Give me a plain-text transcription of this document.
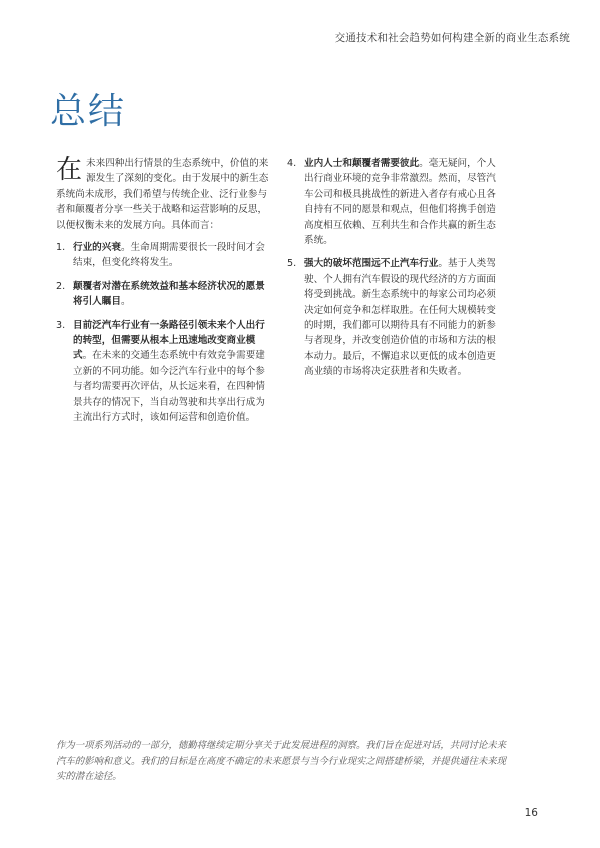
交通技术和社会趋势如何构建全新的商业生态系统
总结

在未来四种出行情景的生态系统中，价值的来源发生了深刻的变化。由于发展中的新生态系统尚未成形，我们希望与传统企业、泛行业参与者和颠覆者分享一些关于战略和运营影响的反思，以便权衡未来的发展方向。具体而言：

1. 行业的兴衰。生命周期需要很长一段时间才会结束，但变化终将发生。
2. 颠覆者对潜在系统效益和基本经济状况的愿景将引人瞩目。
3. 目前泛汽车行业有一条路径引领未来个人出行的转型，但需要从根本上迅速地改变商业模式。在未来的交通生态系统中有效竞争需要建立新的不同功能。如今泛汽车行业中的每个参与者均需要再次评估，从长远来看，在四种情景共存的情况下，当自动驾驶和共享出行成为主流出行方式时，该如何运营和创造价值。
4. 业内人士和颠覆者需要彼此。毫无疑问，个人出行商业环境的竞争非常激烈。然而，尽管汽车公司和极具挑战性的新进入者存有戒心且各自持有不同的愿景和观点，但他们将携手创造高度相互依赖、互利共生和合作共赢的新生态系统。
5. 强大的破坏范围远不止汽车行业。基于人类驾驶、个人拥有汽车假设的现代经济的方方面面将受到挑战。新生态系统中的每家公司均必须决定如何竞争和怎样取胜。在任何大规模转变的时期，我们都可以期待具有不同能力的新参与者现身，并改变创造价值的市场和方法的根本动力。最后，不懈追求以更低的成本创造更高业绩的市场将决定获胜者和失败者。
作为一项系列活动的一部分，德勤将继续定期分享关于此发展进程的洞察。我们旨在促进对话，共同讨论未来汽车的影响和意义。我们的目标是在高度不确定的未来愿景与当今行业现实之间搭建桥梁，并提供通往未来现实的潜在途径。
16
